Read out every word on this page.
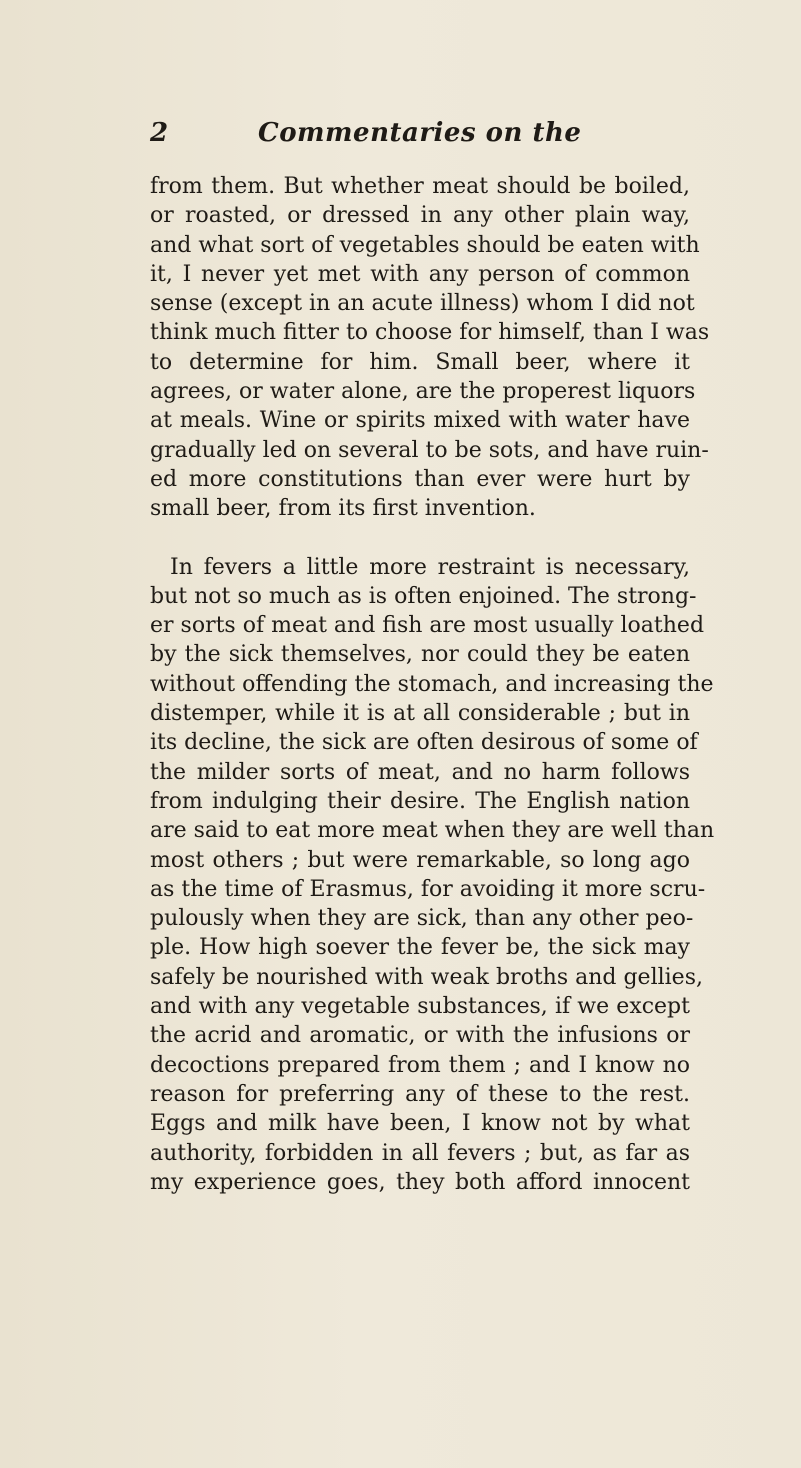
2	Commentaries on the

from them. But whether meat should be boiled,
or roasted, or dressed in any other plain way,
and what sort of vegetables should be eaten with
it, I never yet met with any person of common
sense (except in an acute illness) whom I did not
think much fitter to choose for himself, than I was
to determine for him. Small beer, where it
agrees, or water alone, are the properest liquors
at meals. Wine or spirits mixed with water have
gradually led on several to be sots, and have ruin-
ed more constitutions than ever were hurt by
small beer, from its first invention.

In fevers a little more restraint is necessary,
but not so much as is often enjoined. The strong-
er sorts of meat and fish are most usually loathed
by the sick themselves, nor could they be eaten
without offending the stomach, and increasing the
distemper, while it is at all considerable ; but in
its decline, the sick are often desirous of some of
the milder sorts of meat, and no harm follows
from indulging their desire. The English nation
are said to eat more meat when they are well than
most others ; but were remarkable, so long ago
as the time of Erasmus, for avoiding it more scru-
pulously when they are sick, than any other peo-
ple. How high soever the fever be, the sick may
safely be nourished with weak broths and gellies,
and with any vegetable substances, if we except
the acrid and aromatic, or with the infusions or
decoctions prepared from them ; and I know no
reason for preferring any of these to the rest.
Eggs and milk have been, I know not by what
authority, forbidden in all fevers ; but, as far as
my experience goes, they both afford innocent
